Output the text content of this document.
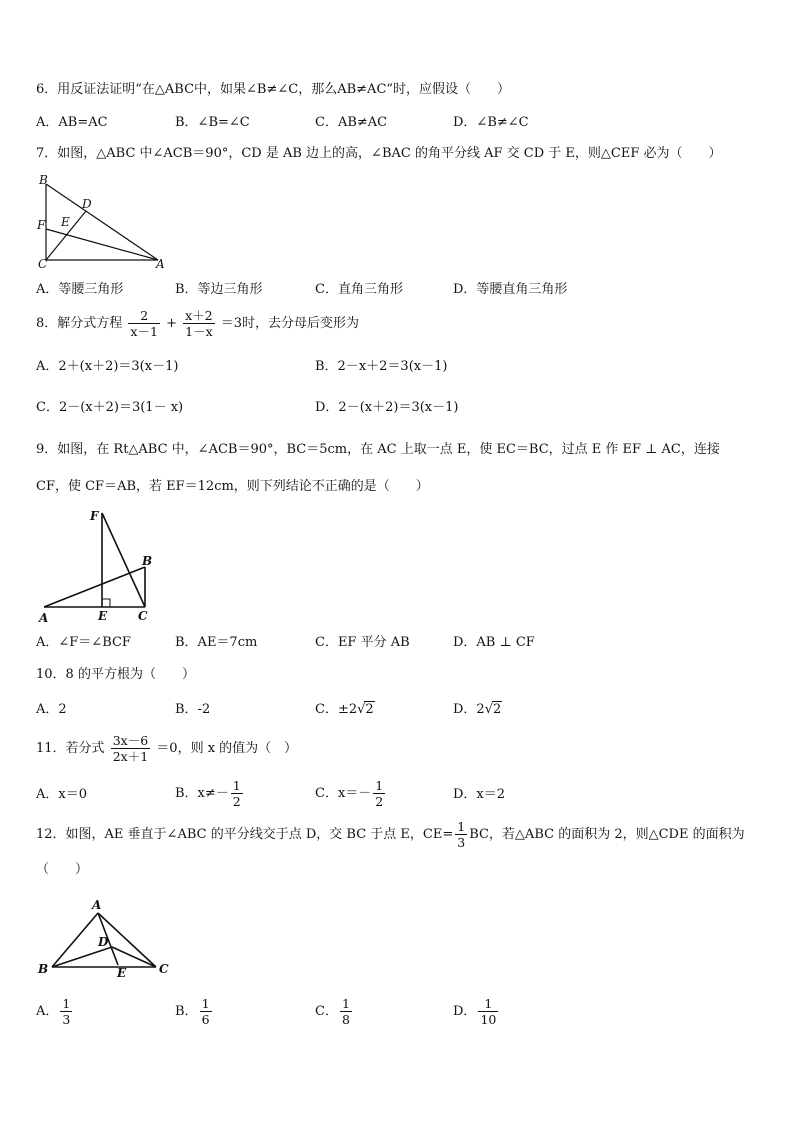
6．用反证法证明“在△ABC中，如果∠B≠∠C，那么AB≠AC”时，应假设（　　）
A．AB=AC	B．∠B=∠C	C．AB≠AC	D．∠B≠∠C
7．如图，△ABC 中∠ACB＝90°，CD 是 AB 边上的高，∠BAC 的角平分线 AF 交 CD 于 E，则△CEF 必为（　　）
B
D
F E
C	A
A．等腰三角形	B．等边三角形	C．直角三角形	D．等腰直角三角形
8．解分式方程 $\frac{2}{x-1} + \frac{x+2}{1-x} =3$时，去分母后变形为
A．2＋(x＋2)＝3(x－1)	B．2－x＋2＝3(x－1)
C．2－(x＋2)＝3(1－ x)	D．2－(x＋2)＝3(x－1)
9．如图，在 Rt△ABC 中，∠ACB＝90°，BC＝5cm，在 AC 上取一点 E，使 EC＝BC，过点 E 作 EF ⊥ AC，连接
CF，使 CF＝AB，若 EF＝12cm，则下列结论不正确的是（　　）
F
B
A	E	C
A．∠F＝∠BCF	B．AE＝7cm	C．EF 平分 AB	D．AB ⊥ CF
10．8 的平方根为（　　）
A．2	B．-2	C．±2√2	D．2√2
11．若分式 $\frac{3x-6}{2x+1} =0$，则 x 的值为（　）
A．x＝0	B．$x\ne- \frac{1}{2}$	C．$x=- \frac{1}{2}$	D．x＝2
12．如图，AE 垂直于∠ABC 的平分线交于点 D，交 BC 于点 E，$CE= \frac{1}{3}$ BC，若△ABC 的面积为 2，则△CDE 的面积为
（　　）
A
D
B	E	C
A． $\frac{1}{3}$	B． $\frac{1}{6}$	C． $\frac{1}{8}$	D． $\frac{1}{10}$
